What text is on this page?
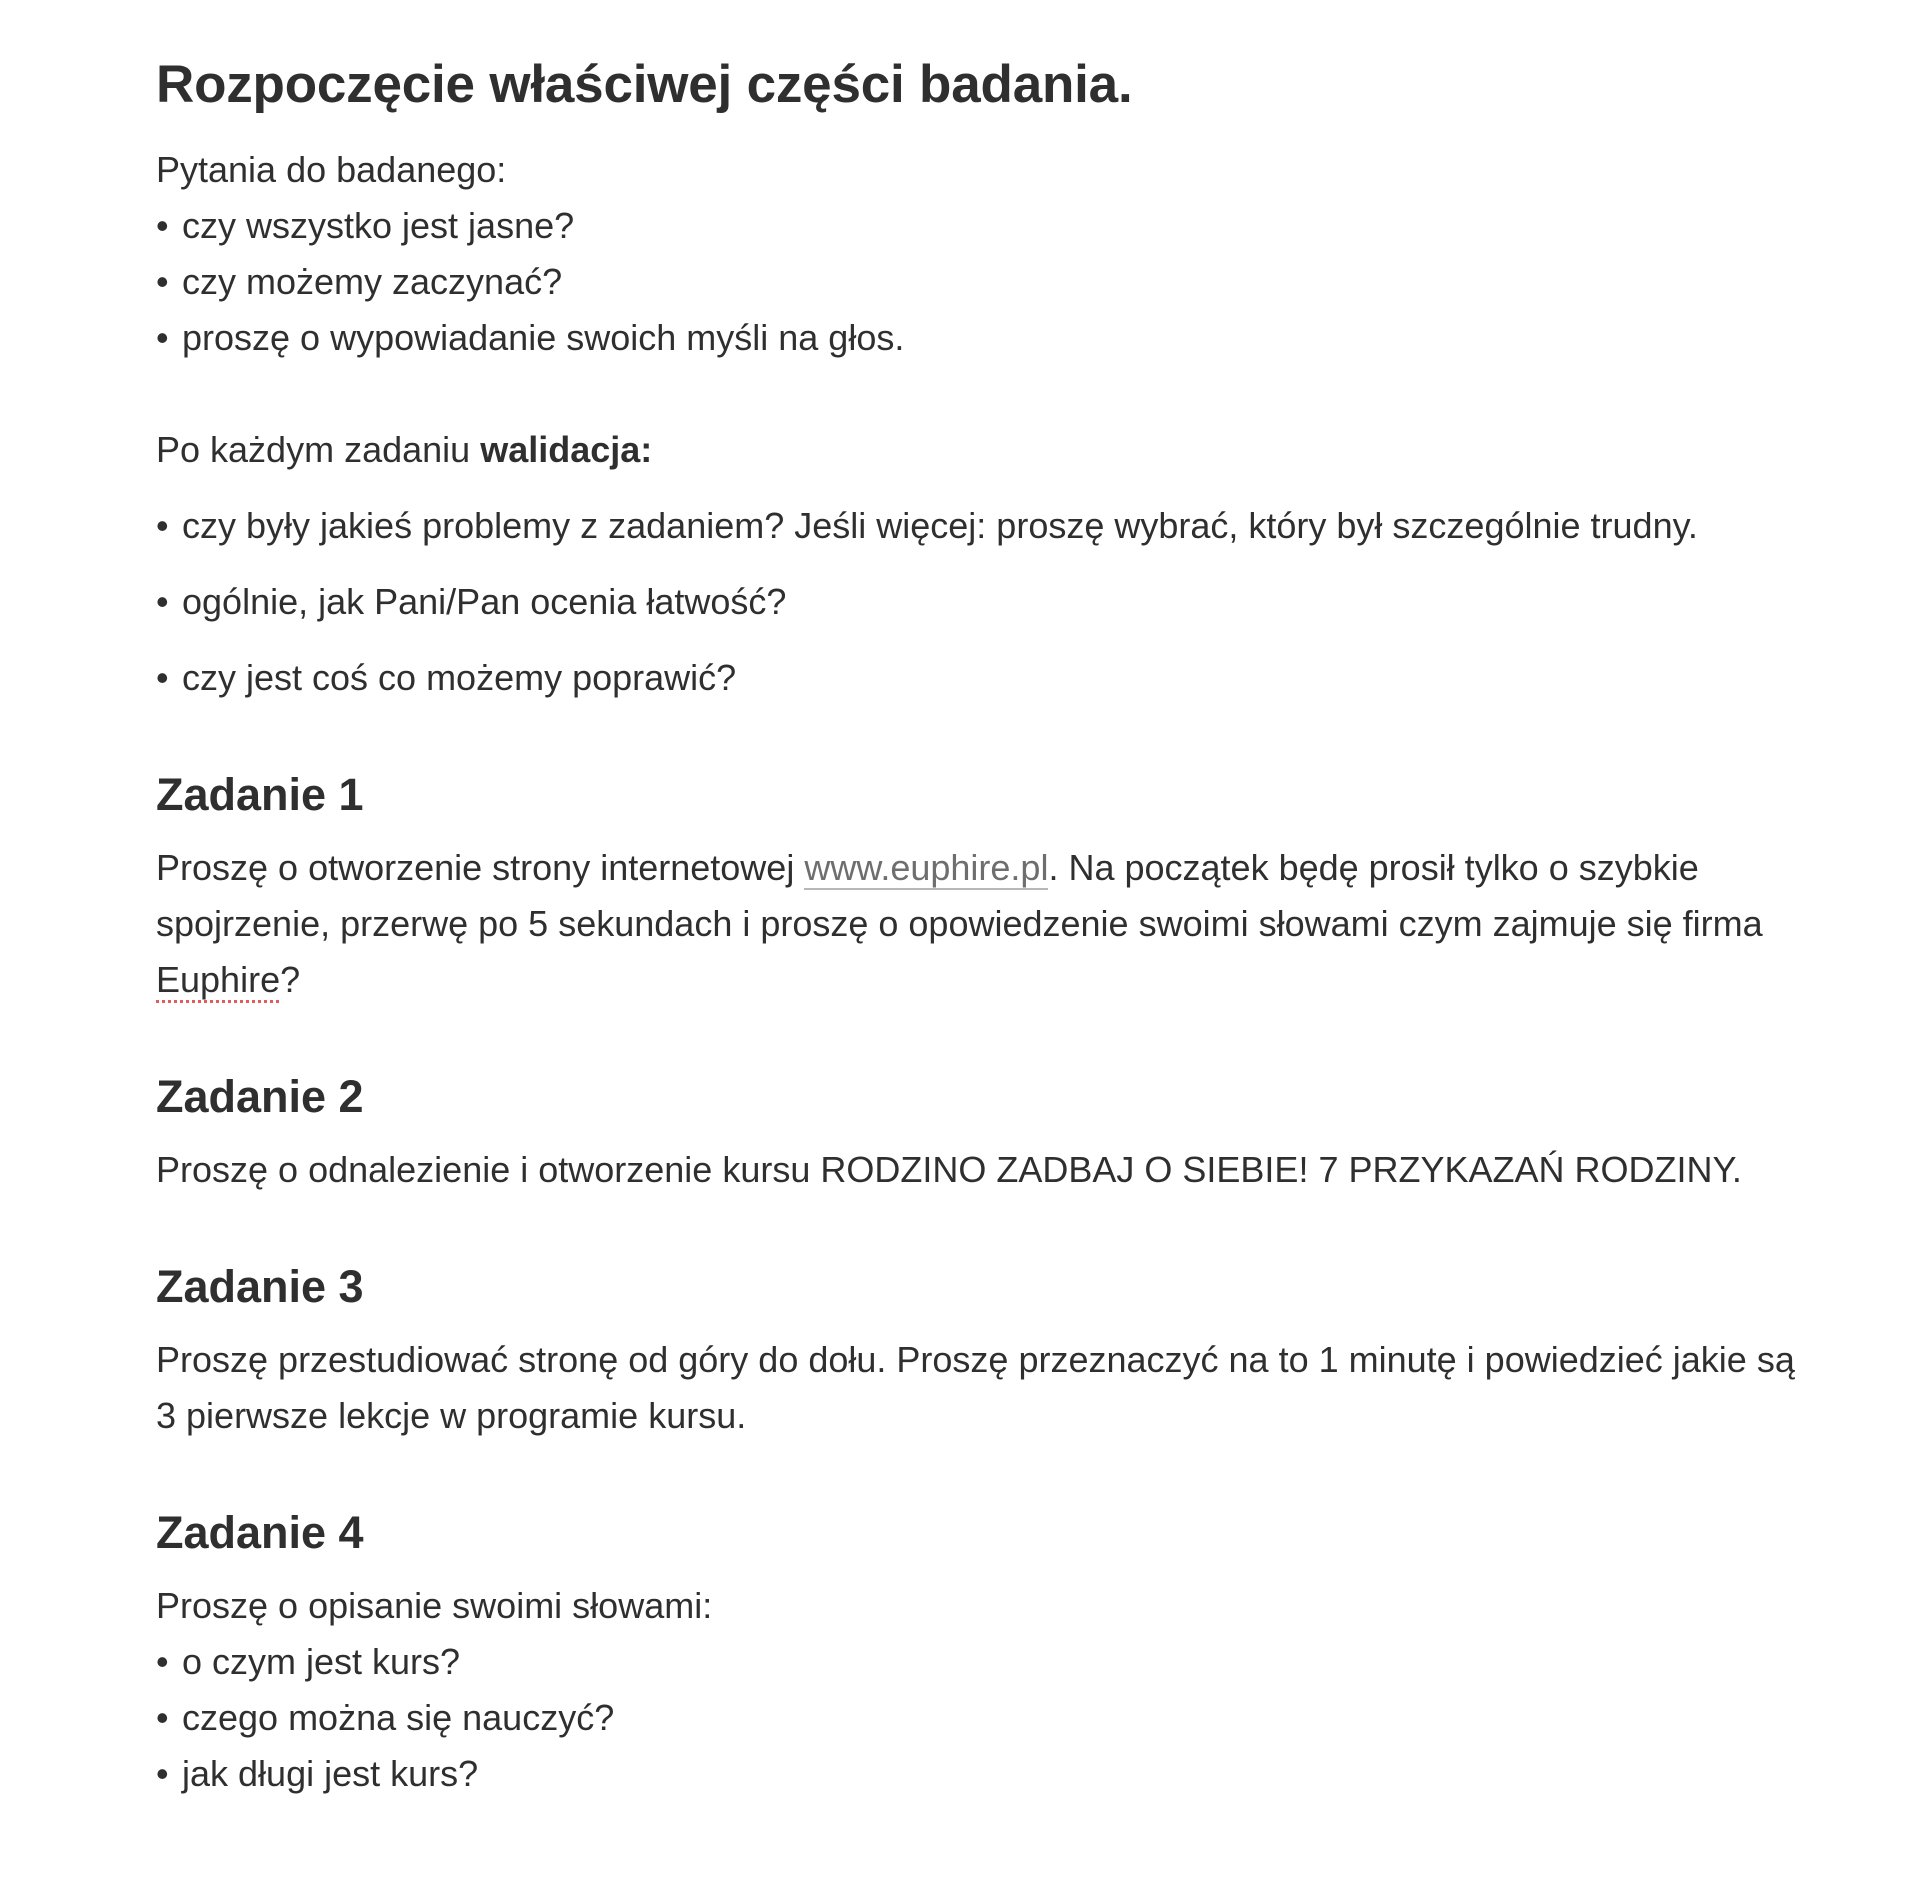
Rozpoczęcie właściwej części badania.
Pytania do badanego:
• czy wszystko jest jasne?
• czy możemy zaczynać?
• proszę o wypowiadanie swoich myśli na głos.
Po każdym zadaniu walidacja:
• czy były jakieś problemy z zadaniem? Jeśli więcej: proszę wybrać, który był szczególnie trudny.
• ogólnie, jak Pani/Pan ocenia łatwość?
• czy jest coś co możemy poprawić?
Zadanie 1
Proszę o otworzenie strony internetowej www.euphire.pl. Na początek będę prosił tylko o szybkie spojrzenie, przerwę po 5 sekundach i proszę o opowiedzenie swoimi słowami czym zajmuje się firma Euphire?
Zadanie 2
Proszę o odnalezienie i otworzenie kursu RODZINO ZADBAJ O SIEBIE! 7 PRZYKAZAŃ RODZINY.
Zadanie 3
Proszę przestudiować stronę od góry do dołu. Proszę przeznaczyć na to 1 minutę i powiedzieć jakie są 3 pierwsze lekcje w programie kursu.
Zadanie 4
Proszę o opisanie swoimi słowami:
• o czym jest kurs?
• czego można się nauczyć?
• jak długi jest kurs?
